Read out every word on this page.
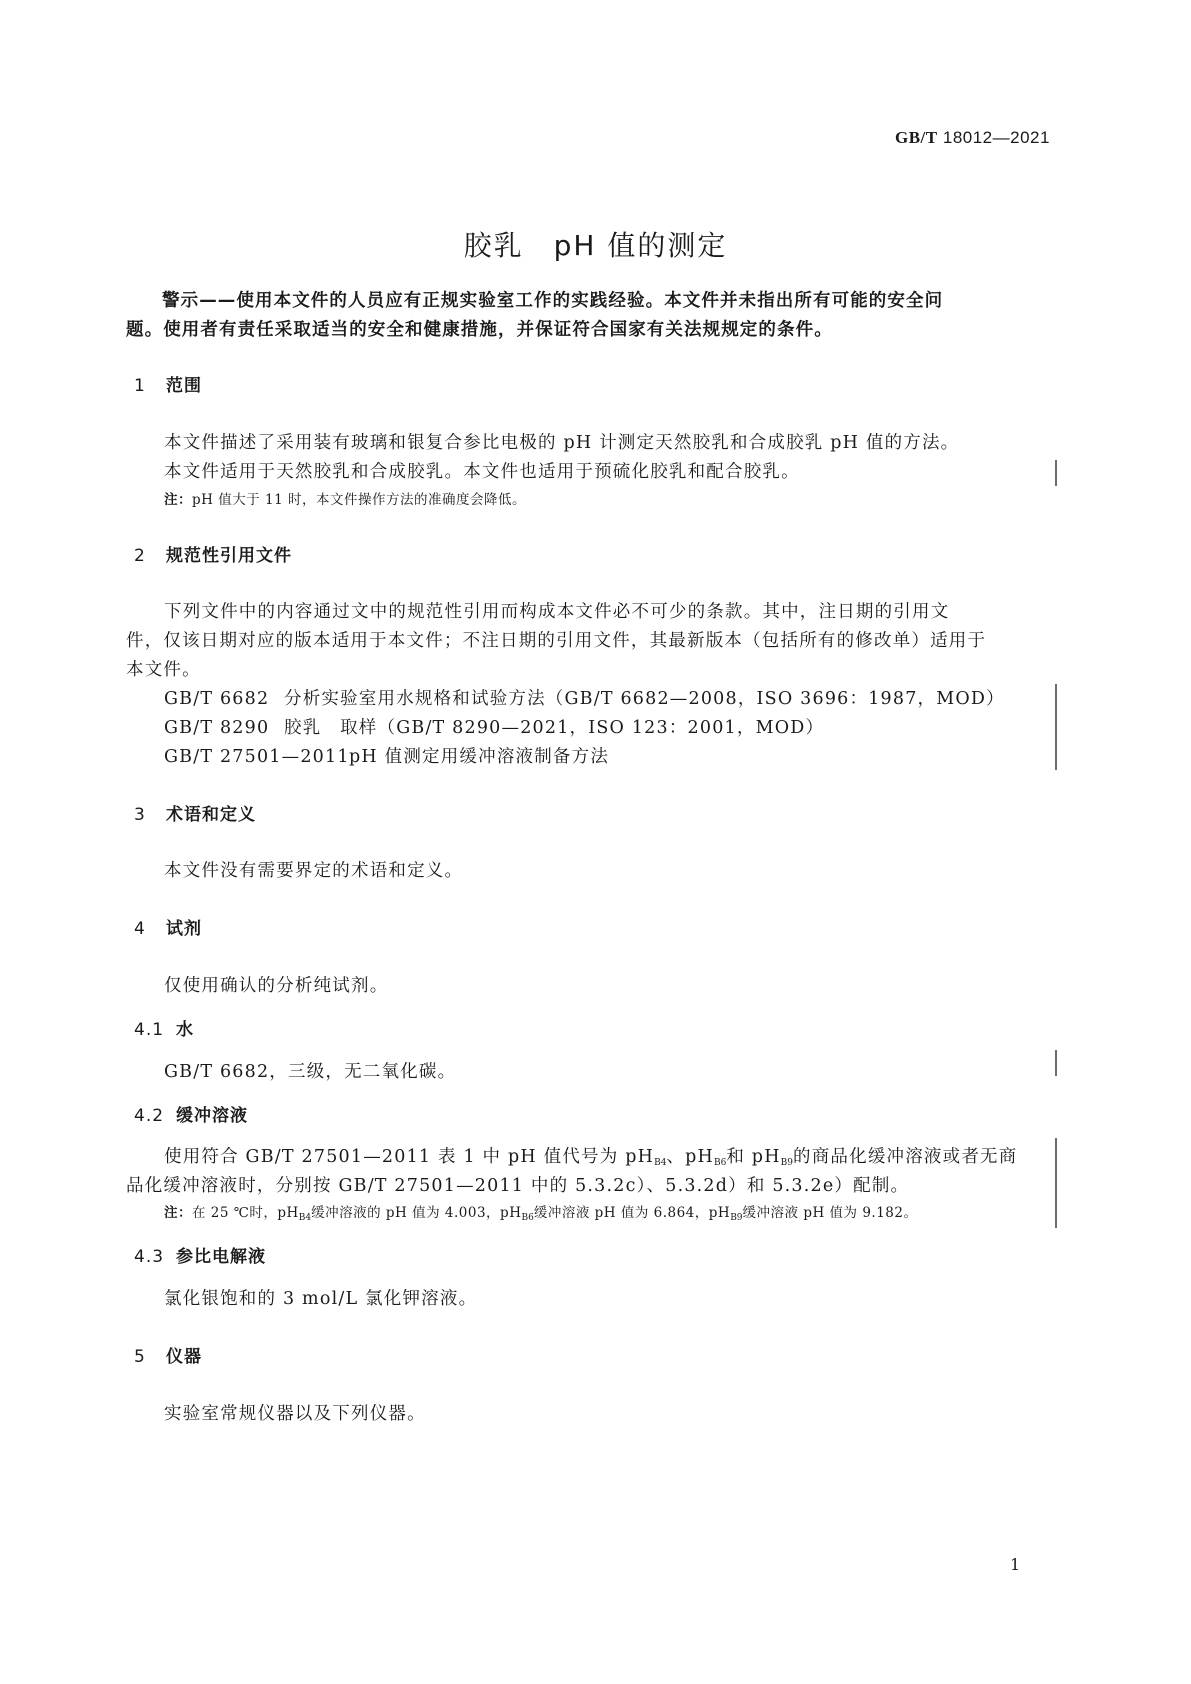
GB/T 18012—2021
胶乳　pH 值的测定
警示——使用本文件的人员应有正规实验室工作的实践经验。本文件并未指出所有可能的安全问
题。使用者有责任采取适当的安全和健康措施，并保证符合国家有关法规规定的条件。
1 范围
本文件描述了采用装有玻璃和银复合参比电极的 pH 计测定天然胶乳和合成胶乳 pH 值的方法。
本文件适用于天然胶乳和合成胶乳。本文件也适用于预硫化胶乳和配合胶乳。
注：pH 值大于 11 时，本文件操作方法的准确度会降低。
2 规范性引用文件
下列文件中的内容通过文中的规范性引用而构成本文件必不可少的条款。其中，注日期的引用文
件，仅该日期对应的版本适用于本文件；不注日期的引用文件，其最新版本（包括所有的修改单）适用于
本文件。
GB/T 6682 分析实验室用水规格和试验方法（GB/T 6682—2008，ISO 3696：1987，MOD）
GB/T 8290 胶乳　取样（GB/T 8290—2021，ISO 123：2001，MOD）
GB/T 27501—2011pH 值测定用缓冲溶液制备方法
3 术语和定义
本文件没有需要界定的术语和定义。
4 试剂
仅使用确认的分析纯试剂。
4.1 水
GB/T 6682，三级，无二氧化碳。
4.2 缓冲溶液
使用符合 GB/T 27501—2011 表 1 中 pH 值代号为 $pH_{B4}$、$pH_{B6}$和 $pH_{B9}$的商品化缓冲溶液或者无商
品化缓冲溶液时，分别按 GB/T 27501—2011 中的 5.3.2c）、5.3.2d）和 5.3.2e）配制。
注：在 25 ℃时，$pH_{B4}$缓冲溶液的 pH 值为 4.003，$pH_{B6}$缓冲溶液 pH 值为 6.864，$pH_{B9}$缓冲溶液 pH 值为 9.182。
4.3 参比电解液
氯化银饱和的 3 mol/L 氯化钾溶液。
5 仪器
实验室常规仪器以及下列仪器。
1
